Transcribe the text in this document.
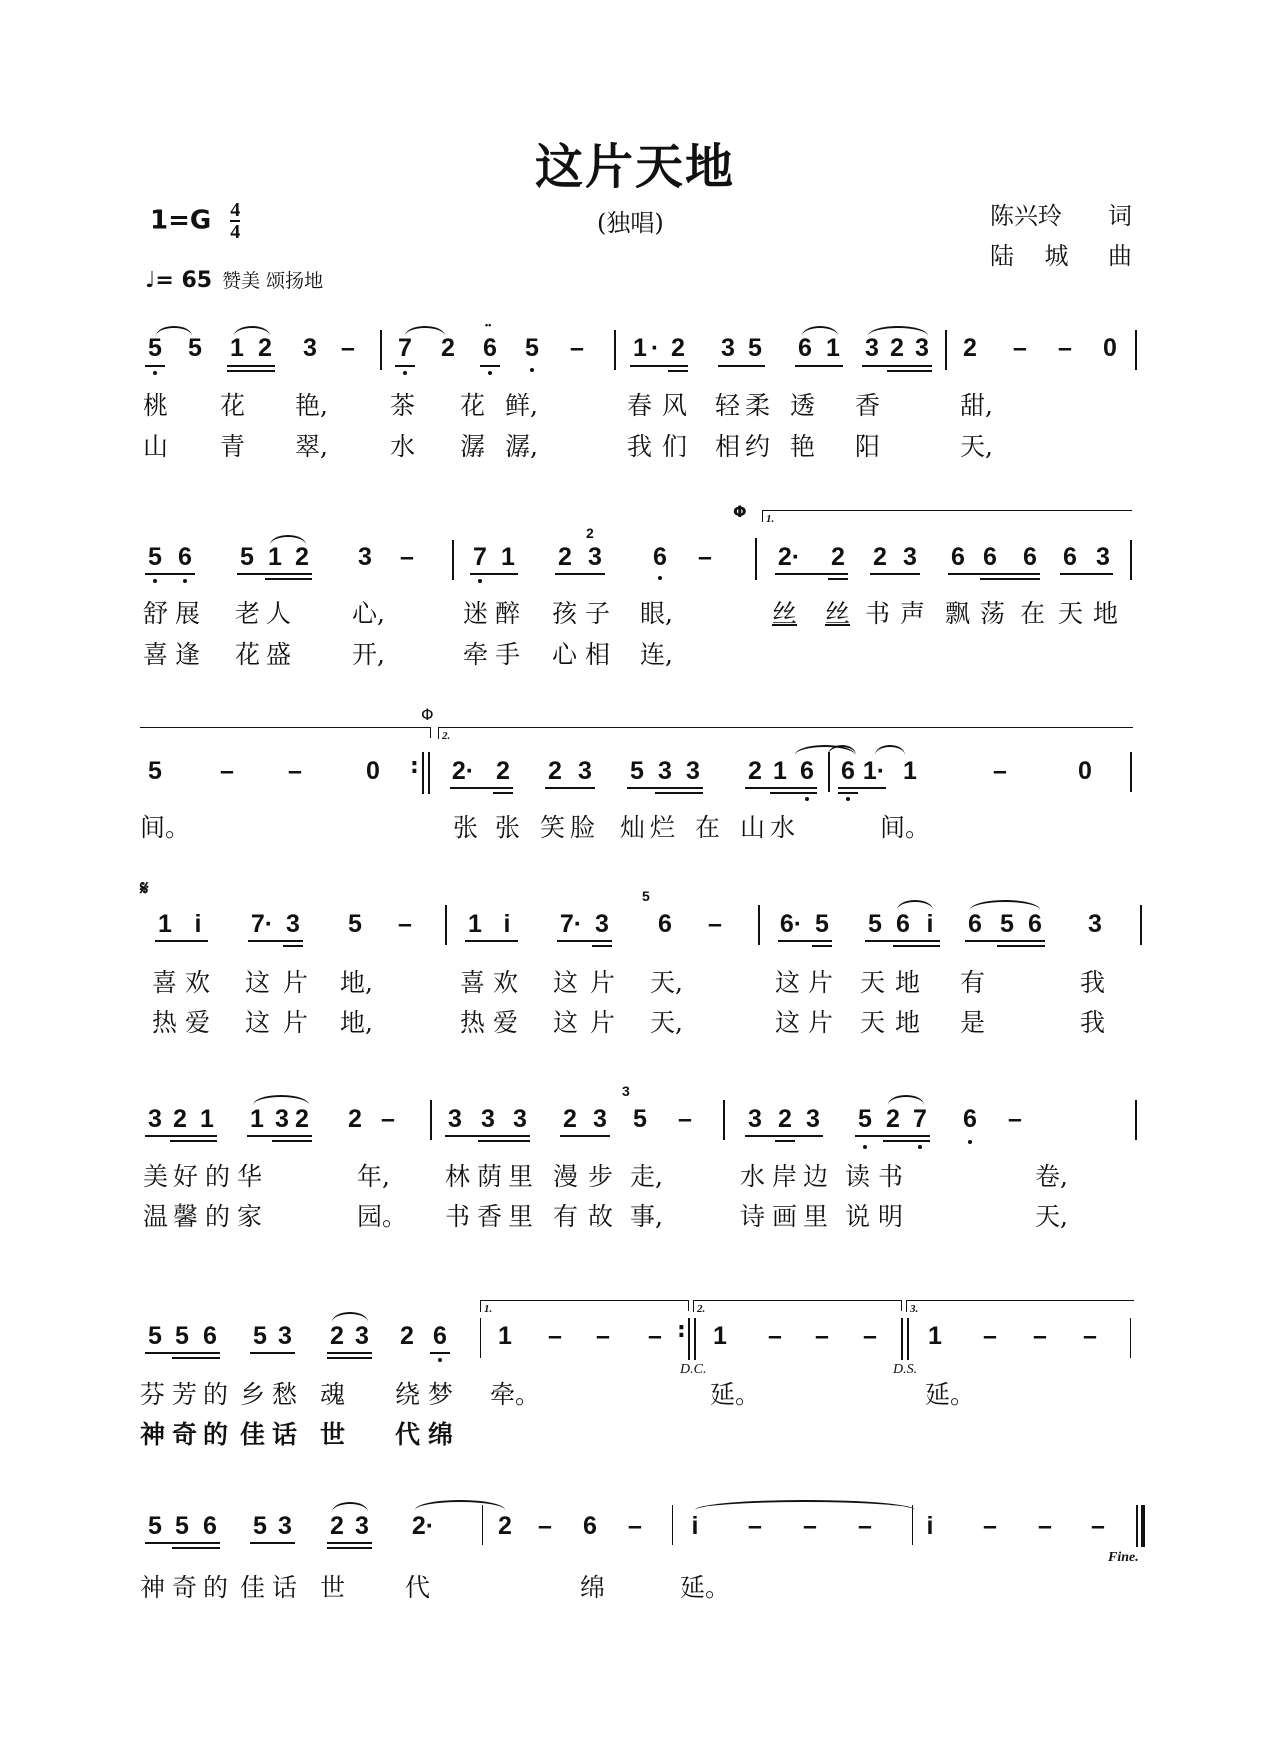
这片天地
(独唱)
$1=G \frac{4}{4}$
♩= 65 赞美 颂扬地
陈兴玲 词
陆    城 曲
5 5 1 2 3 – 7 2 6 5 –
••
1 · 2 3 5 6 1 3 2 3 2 – – 0
桃 花 艳, 茶 花 鲜,	春 风 轻 柔 透 香	甜,
山 青 翠, 水 潺 潺,	我 们 相 约 艳 阳	天,
Φ 1.
5 6 5 1 2 3 – 7 1 2
2
3 6 –	2· 2 2 3 6 6 6 6 3
舒 展 老 人 心,	迷 醉 孩 子 眼,	丝 丝 书 声 飘 荡 在 天 地
喜 逢 花 盛 开,	牵 手 心 相 连,
Φ
2.
5 – –	0 : 2· 2 2 3 5 3 3 2 1 6 6 1· 1	–	0
间。	张 张 笑 脸 灿 烂 在 山 水	间。
𝄋
1 i 7· 3 5 – 1 i 7· 3
5
6 – 6· 5 5 6 i 6 5 6 3
喜 欢 这 片 地,	喜 欢 这 片 天,	这 片 天 地 有	我
热 爱 这 片 地,	热 爱 这 片 天,	这 片 天 地 是	我
3 2 1 1 3 2 2 – 3 3 3 2 3
3
5 – 3 2 3 5 2 7 6 –
美 好 的 华	年, 林 荫 里 漫 步 走,	水 岸 边 读 书	卷,
温 馨 的 家	园。 书 香 里 有 故 事,	诗 画 里 说 明	天,
1.	2.	3.
5 5 6 5 3 2 3 2 6 1 – – – :
D.C.
1 – – –
D.S.
1 – – –
芬 芳 的 乡 愁 魂 绕 梦 牵。	延。	延。
神 奇 的 佳 话 世 代 绵
5 5 6 5 3 2 3 2·	2 – 6 – i – – – i – – –
Fine.
神 奇 的 佳 话 世 代	绵	延。
